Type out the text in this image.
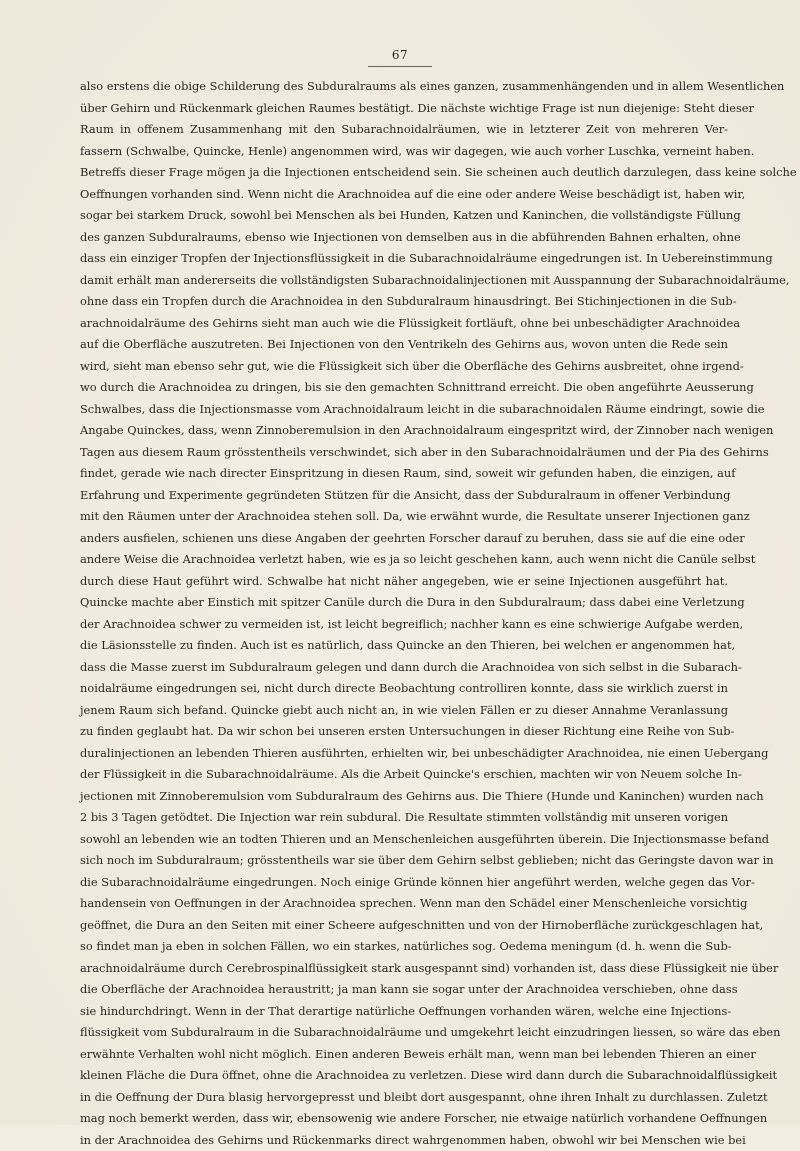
67
also erstens die obige Schilderung des Subduralraums als eines ganzen, zusammenhängenden und in allem Wesentlichen
über Gehirn und Rückenmark gleichen Raumes bestätigt. Die nächste wichtige Frage ist nun diejenige: Steht dieser
Raum in offenem Zusammenhang mit den Subarachnoidalräumen, wie in letzterer Zeit von mehreren Ver-
fassern (Schwalbe, Quincke, Henle) angenommen wird, was wir dagegen, wie auch vorher Luschka, verneint haben.
Betreffs dieser Frage mögen ja die Injectionen entscheidend sein. Sie scheinen auch deutlich darzulegen, dass keine solche
Oeffnungen vorhanden sind. Wenn nicht die Arachnoidea auf die eine oder andere Weise beschädigt ist, haben wir,
sogar bei starkem Druck, sowohl bei Menschen als bei Hunden, Katzen und Kaninchen, die vollständigste Füllung
des ganzen Subduralraums, ebenso wie Injectionen von demselben aus in die abführenden Bahnen erhalten, ohne
dass ein einziger Tropfen der Injectionsflüssigkeit in die Subarachnoidalräume eingedrungen ist. In Uebereinstimmung
damit erhält man andererseits die vollständigsten Subarachnoidalinjectionen mit Ausspannung der Subarachnoidalräume,
ohne dass ein Tropfen durch die Arachnoidea in den Subduralraum hinausdringt. Bei Stichinjectionen in die Sub-
arachnoidalräume des Gehirns sieht man auch wie die Flüssigkeit fortläuft, ohne bei unbeschädigter Arachnoidea
auf die Oberfläche auszutreten. Bei Injectionen von den Ventrikeln des Gehirns aus, wovon unten die Rede sein
wird, sieht man ebenso sehr gut, wie die Flüssigkeit sich über die Oberfläche des Gehirns ausbreitet, ohne irgend-
wo durch die Arachnoidea zu dringen, bis sie den gemachten Schnittrand erreicht. Die oben angeführte Aeusserung
Schwalbes, dass die Injectionsmasse vom Arachnoidalraum leicht in die subarachnoidalen Räume eindringt, sowie die
Angabe Quinckes, dass, wenn Zinnoberemulsion in den Arachnoidalraum eingespritzt wird, der Zinnober nach wenigen
Tagen aus diesem Raum grösstentheils verschwindet, sich aber in den Subarachnoidalräumen und der Pia des Gehirns
findet, gerade wie nach directer Einspritzung in diesen Raum, sind, soweit wir gefunden haben, die einzigen, auf
Erfahrung und Experimente gegründeten Stützen für die Ansicht, dass der Subduralraum in offener Verbindung
mit den Räumen unter der Arachnoidea stehen soll. Da, wie erwähnt wurde, die Resultate unserer Injectionen ganz
anders ausfielen, schienen uns diese Angaben der geehrten Forscher darauf zu beruhen, dass sie auf die eine oder
andere Weise die Arachnoidea verletzt haben, wie es ja so leicht geschehen kann, auch wenn nicht die Canüle selbst
durch diese Haut geführt wird. Schwalbe hat nicht näher angegeben, wie er seine Injectionen ausgeführt hat.
Quincke machte aber Einstich mit spitzer Canüle durch die Dura in den Subduralraum; dass dabei eine Verletzung
der Arachnoidea schwer zu vermeiden ist, ist leicht begreiflich; nachher kann es eine schwierige Aufgabe werden,
die Läsionsstelle zu finden. Auch ist es natürlich, dass Quincke an den Thieren, bei welchen er angenommen hat,
dass die Masse zuerst im Subduralraum gelegen und dann durch die Arachnoidea von sich selbst in die Subarach-
noidalräume eingedrungen sei, nicht durch directe Beobachtung controlliren konnte, dass sie wirklich zuerst in
jenem Raum sich befand. Quincke giebt auch nicht an, in wie vielen Fällen er zu dieser Annahme Veranlassung
zu finden geglaubt hat. Da wir schon bei unseren ersten Untersuchungen in dieser Richtung eine Reihe von Sub-
duralinjectionen an lebenden Thieren ausführten, erhielten wir, bei unbeschädigter Arachnoidea, nie einen Uebergang
der Flüssigkeit in die Subarachnoidalräume. Als die Arbeit Quincke's erschien, machten wir von Neuem solche In-
jectionen mit Zinnoberemulsion vom Subduralraum des Gehirns aus. Die Thiere (Hunde und Kaninchen) wurden nach
2 bis 3 Tagen getödtet. Die Injection war rein subdural. Die Resultate stimmten vollständig mit unseren vorigen
sowohl an lebenden wie an todten Thieren und an Menschenleichen ausgeführten überein. Die Injectionsmasse befand
sich noch im Subduralraum; grösstentheils war sie über dem Gehirn selbst geblieben; nicht das Geringste davon war in
die Subarachnoidalräume eingedrungen. Noch einige Gründe können hier angeführt werden, welche gegen das Vor-
handensein von Oeffnungen in der Arachnoidea sprechen. Wenn man den Schädel einer Menschenleiche vorsichtig
geöffnet, die Dura an den Seiten mit einer Scheere aufgeschnitten und von der Hirnoberfläche zurückgeschlagen hat,
so findet man ja eben in solchen Fällen, wo ein starkes, natürliches sog. Oedema meningum (d. h. wenn die Sub-
arachnoidalräume durch Cerebrospinalflüssigkeit stark ausgespannt sind) vorhanden ist, dass diese Flüssigkeit nie über
die Oberfläche der Arachnoidea heraustritt; ja man kann sie sogar unter der Arachnoidea verschieben, ohne dass
sie hindurchdringt. Wenn in der That derartige natürliche Oeffnungen vorhanden wären, welche eine Injections-
flüssigkeit vom Subduralraum in die Subarachnoidalräume und umgekehrt leicht einzudringen liessen, so wäre das eben
erwähnte Verhalten wohl nicht möglich. Einen anderen Beweis erhält man, wenn man bei lebenden Thieren an einer
kleinen Fläche die Dura öffnet, ohne die Arachnoidea zu verletzen. Diese wird dann durch die Subarachnoidalflüssigkeit
in die Oeffnung der Dura blasig hervorgepresst und bleibt dort ausgespannt, ohne ihren Inhalt zu durchlassen. Zuletzt
mag noch bemerkt werden, dass wir, ebensowenig wie andere Forscher, nie etwaige natürlich vorhandene Oeffnungen
in der Arachnoidea des Gehirns und Rückenmarks direct wahrgenommen haben, obwohl wir bei Menschen wie bei
